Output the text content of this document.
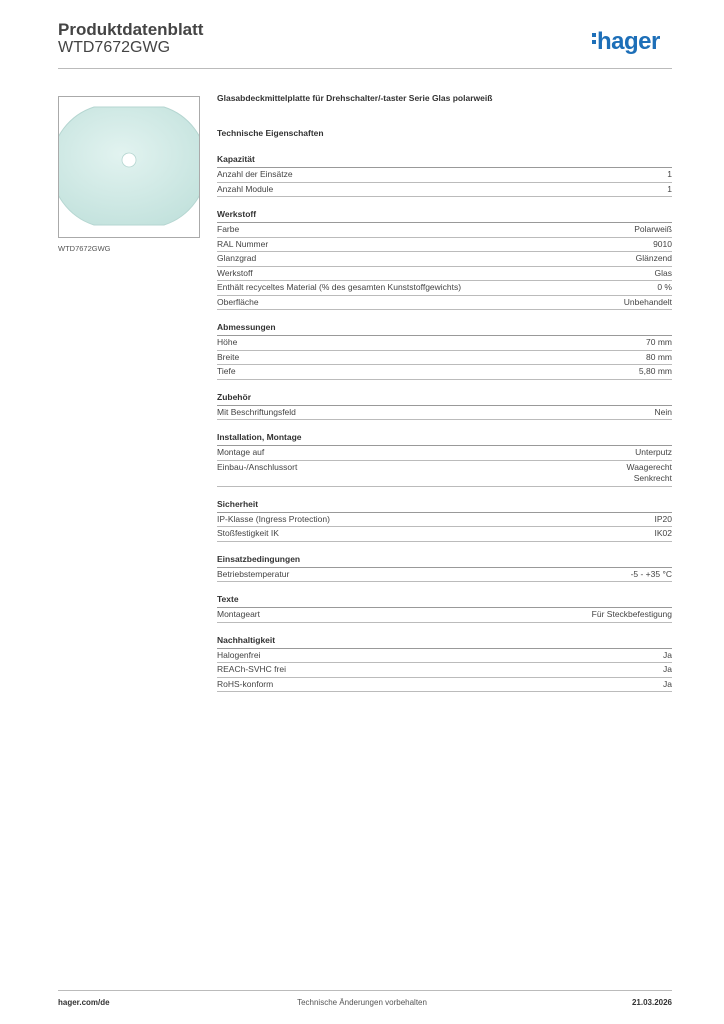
Produktdatenblatt
WTD7672GWG	hager
WTD7672GWG
Glasabdeckmittelplatte für Drehschalter/-taster Serie Glas polarweiß
Technische Eigenschaften
Kapazität
Anzahl der Einsätze	1
Anzahl Module	1
Werkstoff
Farbe	Polarweiß
RAL Nummer	9010
Glanzgrad	Glänzend
Werkstoff	Glas
Enthält recyceltes Material (% des gesamten Kunststoffgewichts)	0 %
Oberfläche	Unbehandelt
Abmessungen
Höhe	70 mm
Breite	80 mm
Tiefe	5,80 mm
Zubehör
Mit Beschriftungsfeld	Nein
Installation, Montage
Montage auf	Unterputz
Einbau-/Anschlussort	Waagerecht
Senkrecht
Sicherheit
IP-Klasse (Ingress Protection)	IP20
Stoßfestigkeit IK	IK02
Einsatzbedingungen
Betriebstemperatur	-5 - +35 °C
Texte
Montageart	Für Steckbefestigung
Nachhaltigkeit
Halogenfrei	Ja
REACh-SVHC frei	Ja
RoHS-konform	Ja
hager.com/de	Technische Änderungen vorbehalten	21.03.2026
